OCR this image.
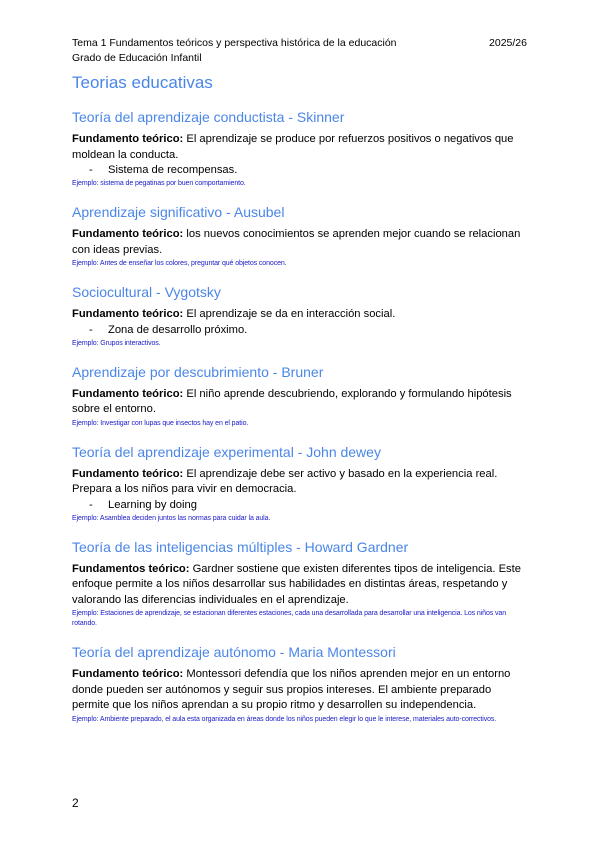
Tema 1 Fundamentos teóricos y perspectiva histórica de la educación	2025/26
Grado de Educación Infantil
Teorias educativas
Teoría del aprendizaje conductista - Skinner

Fundamento teórico: El aprendizaje se produce por refuerzos positivos o negativos que moldean la conducta.

- Sistema de recompensas.

Ejemplo: sistema de pegatinas por buen comportamiento.

Aprendizaje significativo - Ausubel

Fundamento teórico: los nuevos conocimientos se aprenden mejor cuando se relacionan con ideas previas.

Ejemplo: Antes de enseñar los colores, preguntar qué objetos conocen.

Sociocultural - Vygotsky

Fundamento teórico: El aprendizaje se da en interacción social.

- Zona de desarrollo próximo.

Ejemplo: Grupos interactivos.

Aprendizaje por descubrimiento - Bruner

Fundamento teórico: El niño aprende descubriendo, explorando y formulando hipótesis sobre el entorno.

Ejemplo: Investigar con lupas que insectos hay en el patio.

Teoría del aprendizaje experimental - John dewey

Fundamento teórico: El aprendizaje debe ser activo y basado en la experiencia real. Prepara a los niños para vivir en democracia.

- Learning by doing

Ejemplo: Asamblea deciden juntos las normas para cuidar la aula.

Teoría de las inteligencias múltiples - Howard Gardner

Fundamentos teórico: Gardner sostiene que existen diferentes tipos de inteligencia. Este enfoque permite a los niños desarrollar sus habilidades en distintas áreas, respetando y valorando las diferencias individuales en el aprendizaje.

Ejemplo: Estaciones de aprendizaje, se estacionan diferentes estaciones, cada una desarrollada para desarrollar una inteligencia. Los niños van rotando.

Teoría del aprendizaje autónomo - Maria Montessori

Fundamento teórico: Montessori defendía que los niños aprenden mejor en un entorno donde pueden ser autónomos y seguir sus propios intereses. El ambiente preparado permite que los niños aprendan a su propio ritmo y desarrollen su independencia.

Ejemplo: Ambiente preparado, el aula esta organizada en áreas donde los niños pueden elegir lo que le interese, materiales auto-correctivos.

2
